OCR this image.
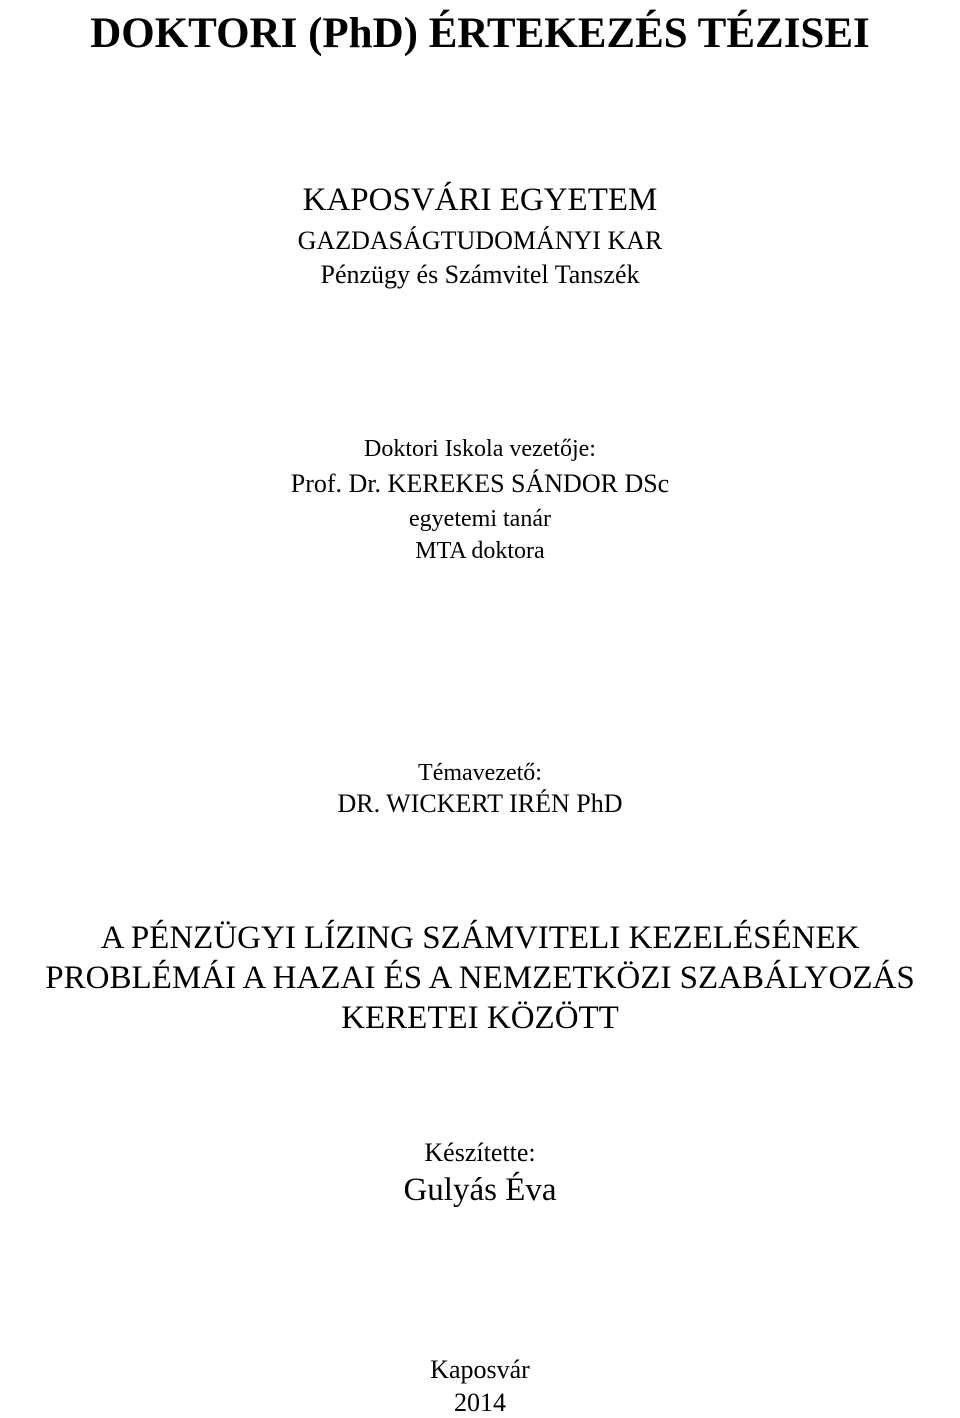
DOKTORI (PhD) ÉRTEKEZÉS TÉZISEI
KAPOSVÁRI EGYETEM
GAZDASÁGTUDOMÁNYI KAR
Pénzügy és Számvitel Tanszék
Doktori Iskola vezetője:
Prof. Dr. KEREKES SÁNDOR DSc
egyetemi tanár
MTA doktora
Témavezető:
DR. WICKERT IRÉN PhD
A PÉNZÜGYI LÍZING SZÁMVITELI KEZELÉSÉNEK
PROBLÉMÁI A HAZAI ÉS A NEMZETKÖZI SZABÁLYOZÁS
KERETEI KÖZÖTT
Készítette:
Gulyás Éva
Kaposvár
2014
